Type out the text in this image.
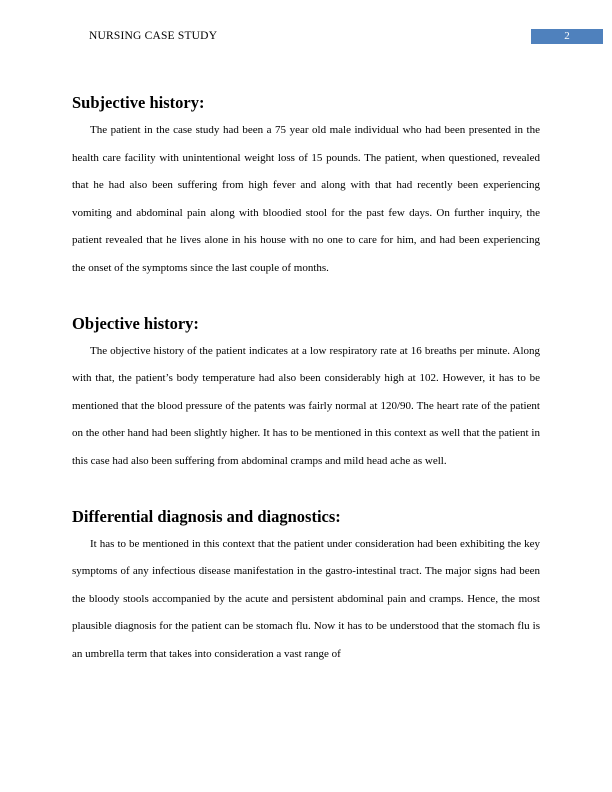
NURSING CASE STUDY	2
Subjective history:

The patient in the case study had been a 75 year old male individual who had been presented in the health care facility with unintentional weight loss of 15 pounds. The patient, when questioned, revealed that he had also been suffering from high fever and along with that had recently been experiencing vomiting and abdominal pain along with bloodied stool for the past few days. On further inquiry, the patient revealed that he lives alone in his house with no one to care for him, and had been experiencing the onset of the symptoms since the last couple of months.

Objective history:

The objective history of the patient indicates at a low respiratory rate at 16 breaths per minute. Along with that, the patient’s body temperature had also been considerably high at 102. However, it has to be mentioned that the blood pressure of the patents was fairly normal at 120/90. The heart rate of the patient on the other hand had been slightly higher. It has to be mentioned in this context as well that the patient in this case had also been suffering from abdominal cramps and mild head ache as well.

Differential diagnosis and diagnostics:

It has to be mentioned in this context that the patient under consideration had been exhibiting the key symptoms of any infectious disease manifestation in the gastro-intestinal tract. The major signs had been the bloody stools accompanied by the acute and persistent abdominal pain and cramps. Hence, the most plausible diagnosis for the patient can be stomach flu. Now it has to be understood that the stomach flu is an umbrella term that takes into consideration a vast range of
